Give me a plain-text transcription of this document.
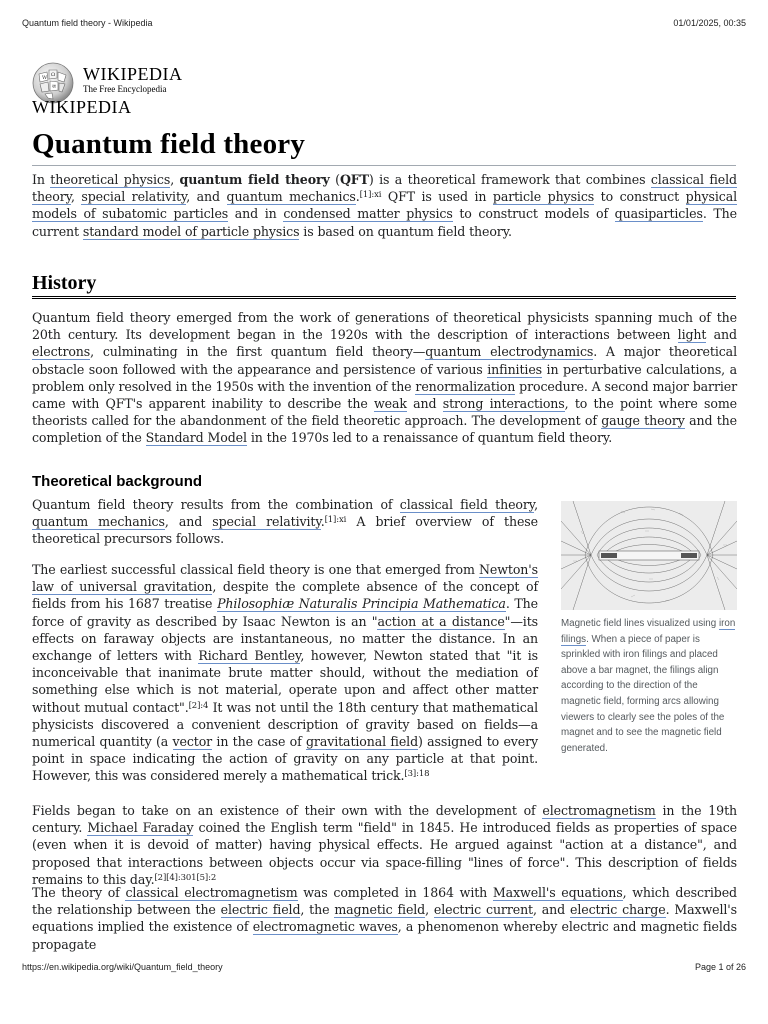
Quantum field theory - Wikipedia	01/01/2025, 00:35
W Ω
ज
WIKIPEDIA
The Free Encyclopedia
WIKIPEDIA
Quantum field theory

In theoretical physics, quantum field theory (QFT) is a theoretical framework that combines classical field theory, special relativity, and quantum mechanics.$^{[1]:xi}$ QFT is used in particle physics to construct physical models of subatomic particles and in condensed matter physics to construct models of quasiparticles. The current standard model of particle physics is based on quantum field theory.

History

Quantum field theory emerged from the work of generations of theoretical physicists spanning much of the 20th century. Its development began in the 1920s with the description of interactions between light and electrons, culminating in the first quantum field theory—quantum electrodynamics. A major theoretical obstacle soon followed with the appearance and persistence of various infinities in perturbative calculations, a problem only resolved in the 1950s with the invention of the renormalization procedure. A second major barrier came with QFT's apparent inability to describe the weak and strong interactions, to the point where some theorists called for the abandonment of the field theoretic approach. The development of gauge theory and the completion of the Standard Model in the 1970s led to a renaissance of quantum field theory.

Theoretical background

Quantum field theory results from the combination of classical field theory, quantum mechanics, and special relativity.$^{[1]:xi}$ A brief overview of these theoretical precursors follows.

The earliest successful classical field theory is one that emerged from Newton's law of universal gravitation, despite the complete absence of the concept of fields from his 1687 treatise Philosophiæ Naturalis Principia Mathematica. The force of gravity as described by Isaac Newton is an "action at a distance"—its effects on faraway objects are instantaneous, no matter the distance. In an exchange of letters with Richard Bentley, however, Newton stated that "it is inconceivable that inanimate brute matter should, without the mediation of something else which is not material, operate upon and affect other matter without mutual contact".$^{[2]:4}$ It was not until the 18th century that mathematical physicists discovered a convenient description of gravity based on fields—a numerical quantity (a vector in the case of gravitational field) assigned to every point in space indicating the action of gravity on any particle at that point. However, this was considered merely a mathematical trick.$^{[3]:18}$

Magnetic field lines visualized using iron filings. When a piece of paper is sprinkled with iron filings and placed above a bar magnet, the filings align according to the direction of the magnetic field, forming arcs allowing viewers to clearly see the poles of the magnet and to see the magnetic field generated.

Fields began to take on an existence of their own with the development of electromagnetism in the 19th century. Michael Faraday coined the English term "field" in 1845. He introduced fields as properties of space (even when it is devoid of matter) having physical effects. He argued against "action at a distance", and proposed that interactions between objects occur via space-filling "lines of force". This description of fields remains to this day.$^{[2][4]:301[5]:2}$

The theory of classical electromagnetism was completed in 1864 with Maxwell's equations, which described the relationship between the electric field, the magnetic field, electric current, and electric charge. Maxwell's equations implied the existence of electromagnetic waves, a phenomenon whereby electric and magnetic fields propagate

https://en.wikipedia.org/wiki/Quantum_field_theory	Page 1 of 26
